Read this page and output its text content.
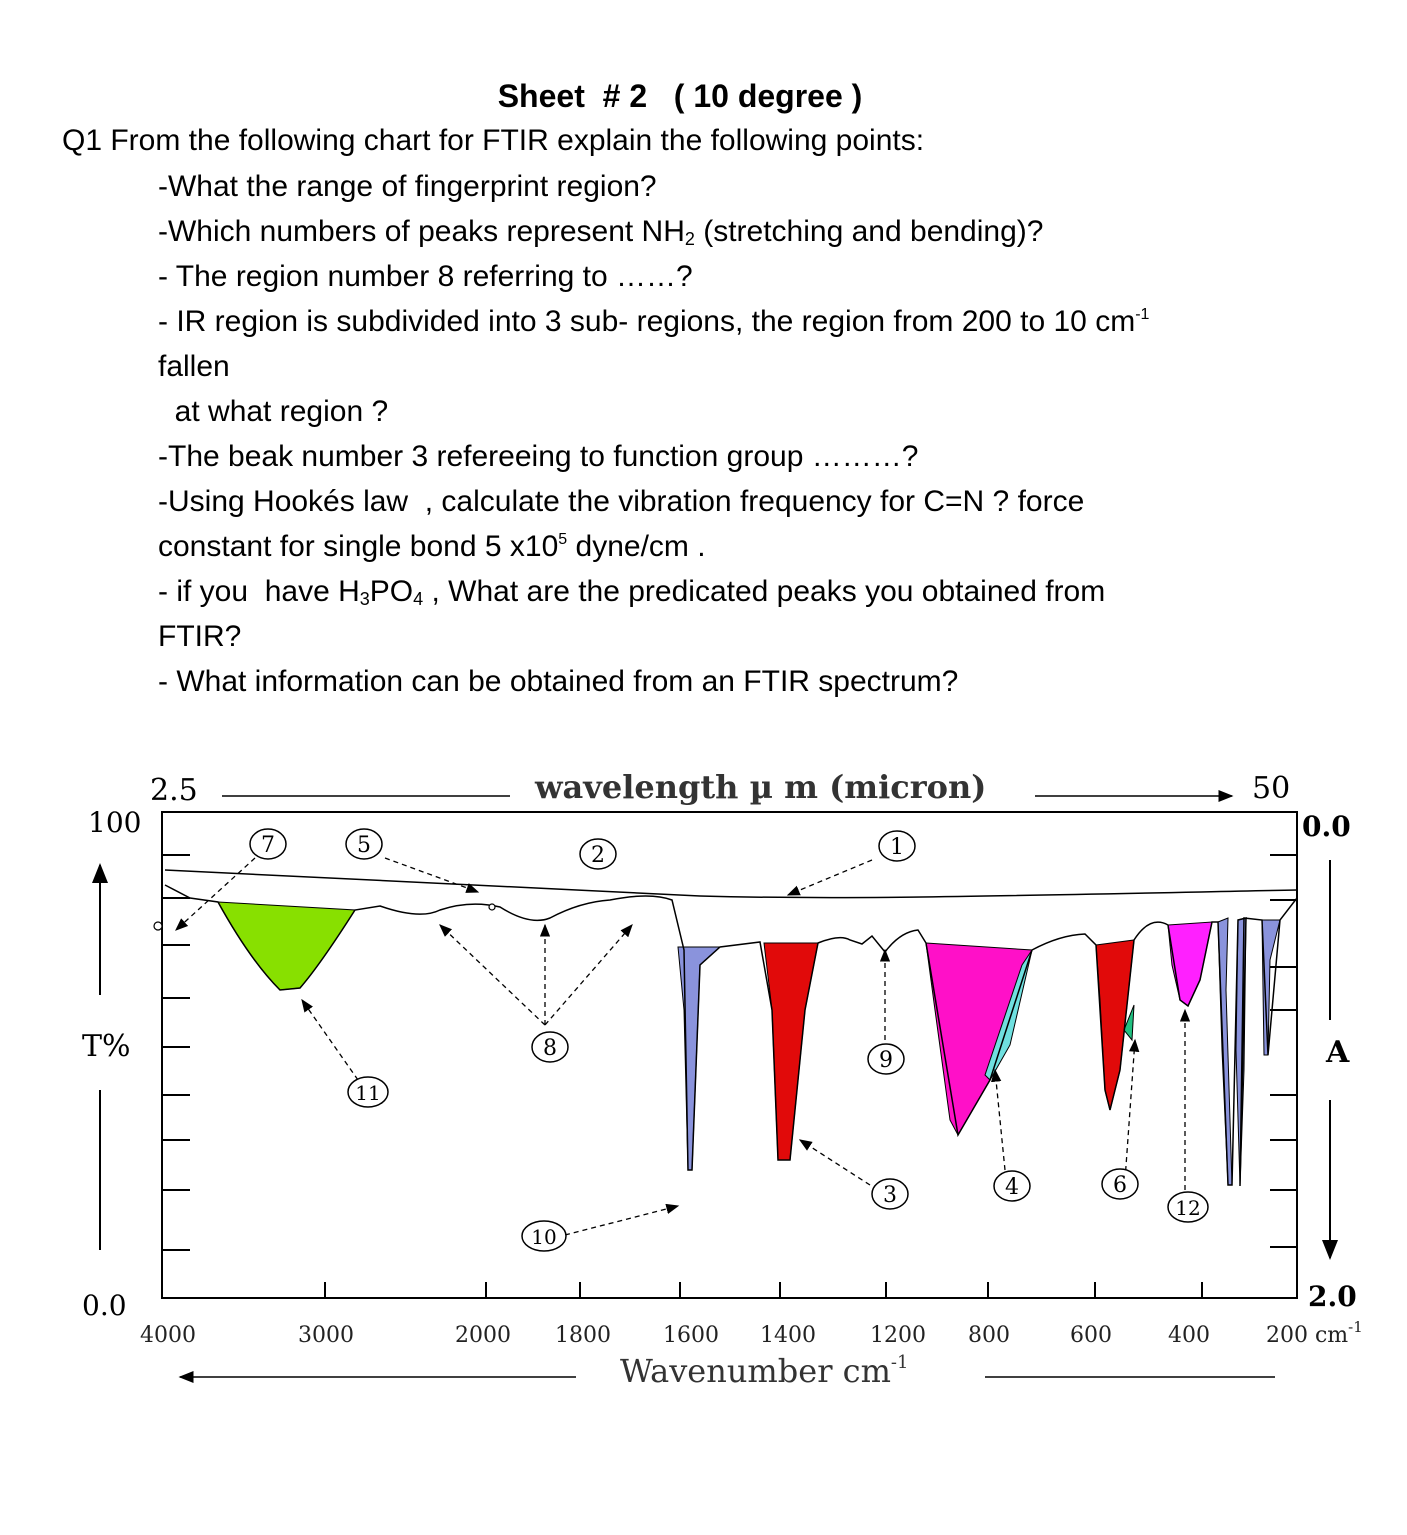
Sheet  # 2   ( 10 degree )
Q1 From the following chart for FTIR explain the following points:
-What the range of fingerprint region?
-Which numbers of peaks represent $NH_2$ (stretching and bending)?
- The region number 8 referring to ……?
- IR region is subdivided into 3 sub- regions, the region from 200 to 10 $cm^{-1}$
fallen
at what region ?
-The beak number 3 refereeing to function group ………?
-Using Hookés law  , calculate the vibration frequency for C=N ? force
constant for single bond 5 $x10^5$ dyne/cm .
- if you  have $H_3PO_4$ , What are the predicated peaks you obtained from
FTIR?
- What information can be obtained from an FTIR spectrum?
2.5	wavelength µ m (micron)	50
100
T%
0.0
0.0
A
2.0
4000	3000	2000 1800 1600 1400 1200 800	600	400	200 $cm^{-1}$
Wavenumber $cm^{-1}$
7	5	2	1
8	9
11
3	4	6
12
10
